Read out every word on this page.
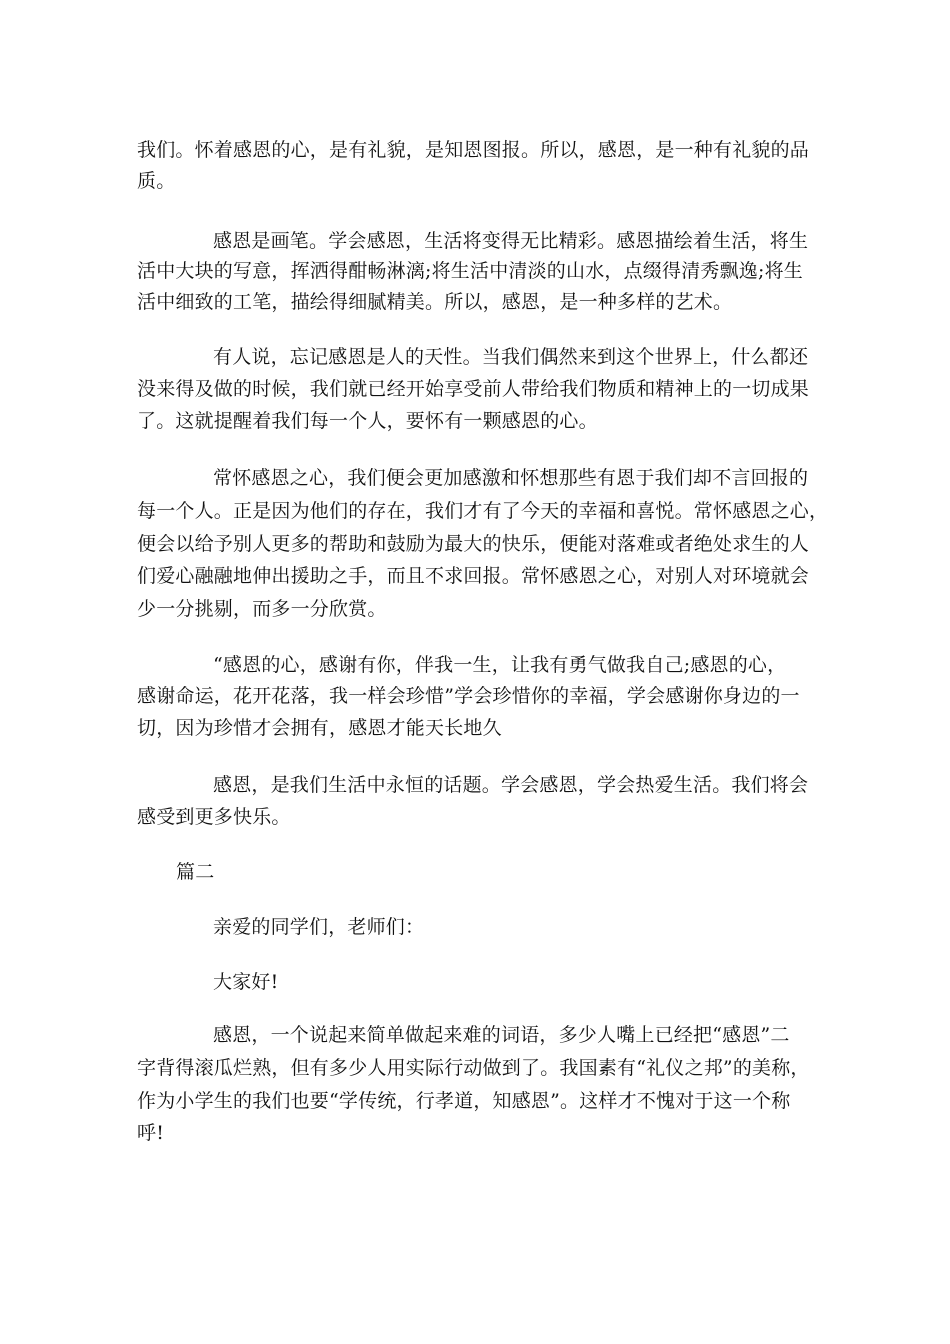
我们。怀着感恩的心，是有礼貌，是知恩图报。所以，感恩，是一种有礼貌的品
质。
感恩是画笔。学会感恩，生活将变得无比精彩。感恩描绘着生活，将生
活中大块的写意，挥洒得酣畅淋漓;将生活中清淡的山水，点缀得清秀飘逸;将生
活中细致的工笔，描绘得细腻精美。所以，感恩，是一种多样的艺术。
有人说，忘记感恩是人的天性。当我们偶然来到这个世界上，什么都还
没来得及做的时候，我们就已经开始享受前人带给我们物质和精神上的一切成果
了。这就提醒着我们每一个人，要怀有一颗感恩的心。
常怀感恩之心，我们便会更加感激和怀想那些有恩于我们却不言回报的
每一个人。正是因为他们的存在，我们才有了今天的幸福和喜悦。常怀感恩之心，
便会以给予别人更多的帮助和鼓励为最大的快乐，便能对落难或者绝处求生的人
们爱心融融地伸出援助之手，而且不求回报。常怀感恩之心，对别人对环境就会
少一分挑剔，而多一分欣赏。
“感恩的心，感谢有你，伴我一生，让我有勇气做我自己;感恩的心，
感谢命运，花开花落，我一样会珍惜”学会珍惜你的幸福，学会感谢你身边的一
切，因为珍惜才会拥有，感恩才能天长地久
感恩，是我们生活中永恒的话题。学会感恩，学会热爱生活。我们将会
感受到更多快乐。
篇二
亲爱的同学们，老师们：
大家好!
感恩，一个说起来简单做起来难的词语，多少人嘴上已经把“感恩”二
字背得滚瓜烂熟，但有多少人用实际行动做到了。我国素有“礼仪之邦”的美称，
作为小学生的我们也要“学传统，行孝道，知感恩”。这样才不愧对于这一个称
呼!
